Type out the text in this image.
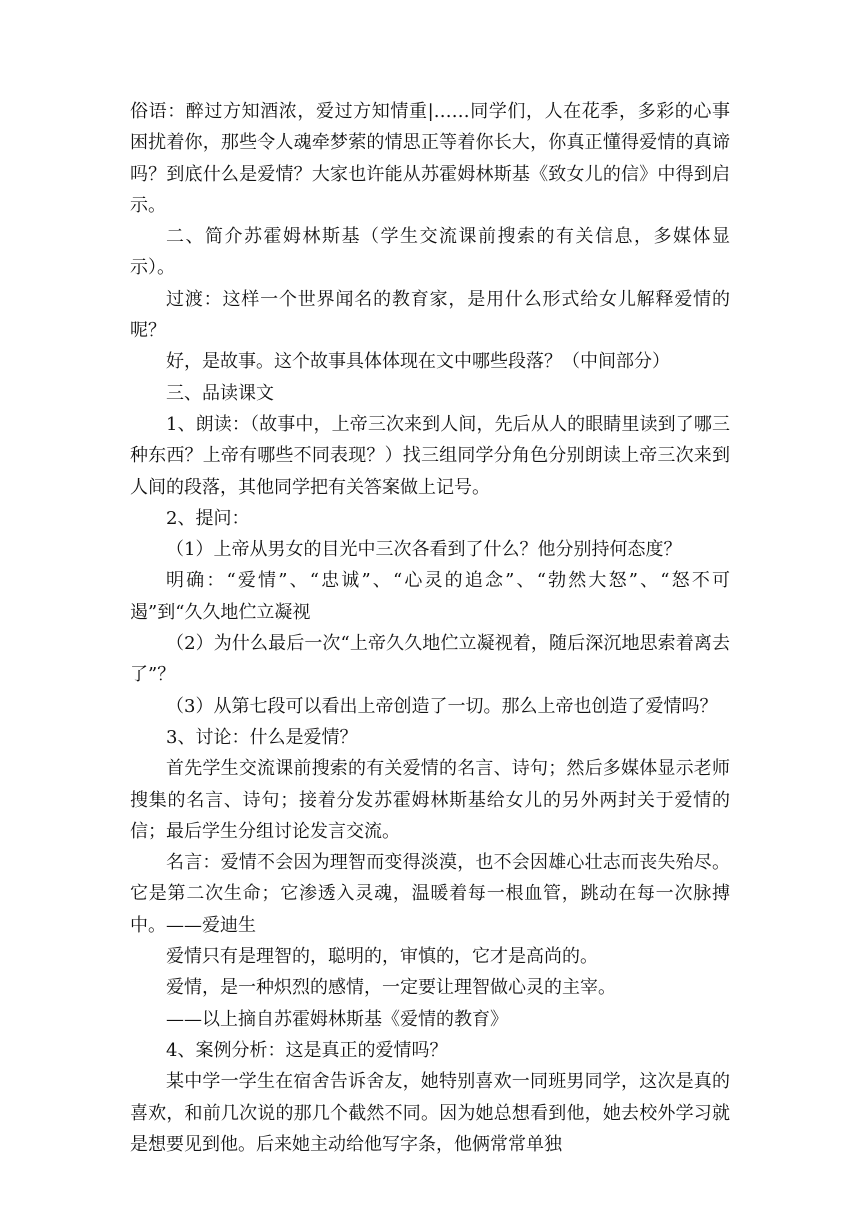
俗语：醉过方知酒浓，爱过方知情重|……同学们，人在花季，多彩的心事困扰着你，那些令人魂牵梦萦的情思正等着你长大，你真正懂得爱情的真谛吗？到底什么是爱情？大家也许能从苏霍姆林斯基《致女儿的信》中得到启示。

二、简介苏霍姆林斯基（学生交流课前搜索的有关信息，多媒体显示）。

过渡：这样一个世界闻名的教育家，是用什么形式给女儿解释爱情的呢？

好，是故事。这个故事具体体现在文中哪些段落？（中间部分）

三、品读课文

1、朗读：（故事中，上帝三次来到人间，先后从人的眼睛里读到了哪三种东西？上帝有哪些不同表现？）找三组同学分角色分别朗读上帝三次来到人间的段落，其他同学把有关答案做上记号。

2、提问：

（1）上帝从男女的目光中三次各看到了什么？他分别持何态度？

明确：“爱情”、“忠诚”、“心灵的追念”、“勃然大怒”、“怒不可遏”到“久久地伫立凝视

（2）为什么最后一次“上帝久久地伫立凝视着，随后深沉地思索着离去了”？

（3）从第七段可以看出上帝创造了一切。那么上帝也创造了爱情吗？

3、讨论：什么是爱情？

首先学生交流课前搜索的有关爱情的名言、诗句；然后多媒体显示老师搜集的名言、诗句；接着分发苏霍姆林斯基给女儿的另外两封关于爱情的信；最后学生分组讨论发言交流。

名言：爱情不会因为理智而变得淡漠，也不会因雄心壮志而丧失殆尽。它是第二次生命；它渗透入灵魂，温暖着每一根血管，跳动在每一次脉搏中。——爱迪生

爱情只有是理智的，聪明的，审慎的，它才是高尚的。

爱情，是一种炽烈的感情，一定要让理智做心灵的主宰。

——以上摘自苏霍姆林斯基《爱情的教育》

4、案例分析：这是真正的爱情吗？

某中学一学生在宿舍告诉舍友，她特别喜欢一同班男同学，这次是真的喜欢，和前几次说的那几个截然不同。因为她总想看到他，她去校外学习就是想要见到他。后来她主动给他写字条，他俩常常单独
